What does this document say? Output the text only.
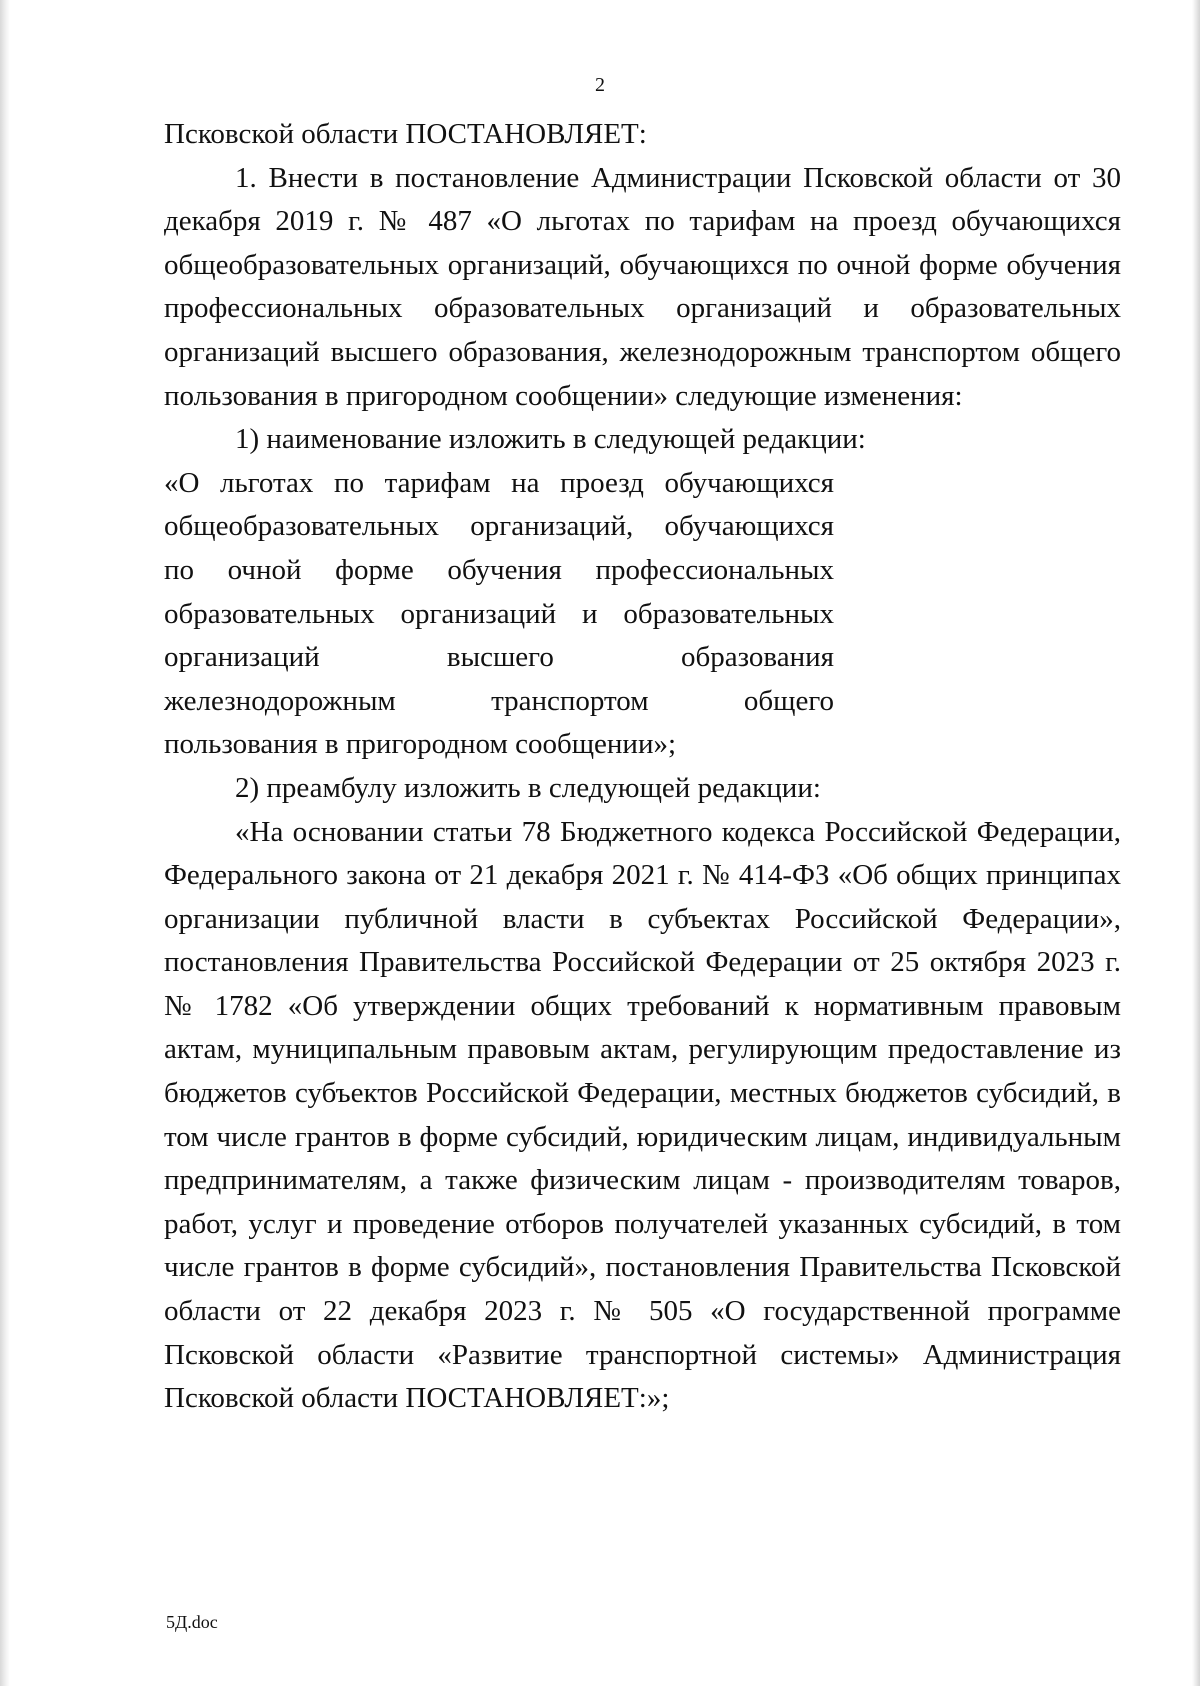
2

Псковской области ПОСТАНОВЛЯЕТ:

1. Внести в постановление Администрации Псковской области от 30 декабря 2019 г. № 487 «О льготах по тарифам на проезд обучающихся общеобразовательных организаций, обучающихся по очной форме обучения профессиональных образовательных организаций и образовательных организаций высшего образования, железнодорожным транспортом общего пользования в пригородном сообщении» следующие изменения:

1) наименование изложить в следующей редакции:

«О льготах по тарифам на проезд обучающихся
общеобразовательных организаций, обучающихся
по очной форме обучения профессиональных
образовательных организаций и образовательных
организаций высшего образования
железнодорожным транспортом общего
пользования в пригородном сообщении»;

2) преамбулу изложить в следующей редакции:

«На основании статьи 78 Бюджетного кодекса Российской Федерации, Федерального закона от 21 декабря 2021 г. № 414-ФЗ «Об общих принципах организации публичной власти в субъектах Российской Федерации», постановления Правительства Российской Федерации от 25 октября 2023 г. № 1782 «Об утверждении общих требований к нормативным правовым актам, муниципальным правовым актам, регулирующим предоставление из бюджетов субъектов Российской Федерации, местных бюджетов субсидий, в том числе грантов в форме субсидий, юридическим лицам, индивидуальным предпринимателям, а также физическим лицам - производителям товаров, работ, услуг и проведение отборов получателей указанных субсидий, в том числе грантов в форме субсидий», постановления Правительства Псковской области от 22 декабря 2023 г. № 505 «О государственной программе Псковской области «Развитие транспортной системы» Администрация Псковской области ПОСТАНОВЛЯЕТ:»;

5Д.doc
